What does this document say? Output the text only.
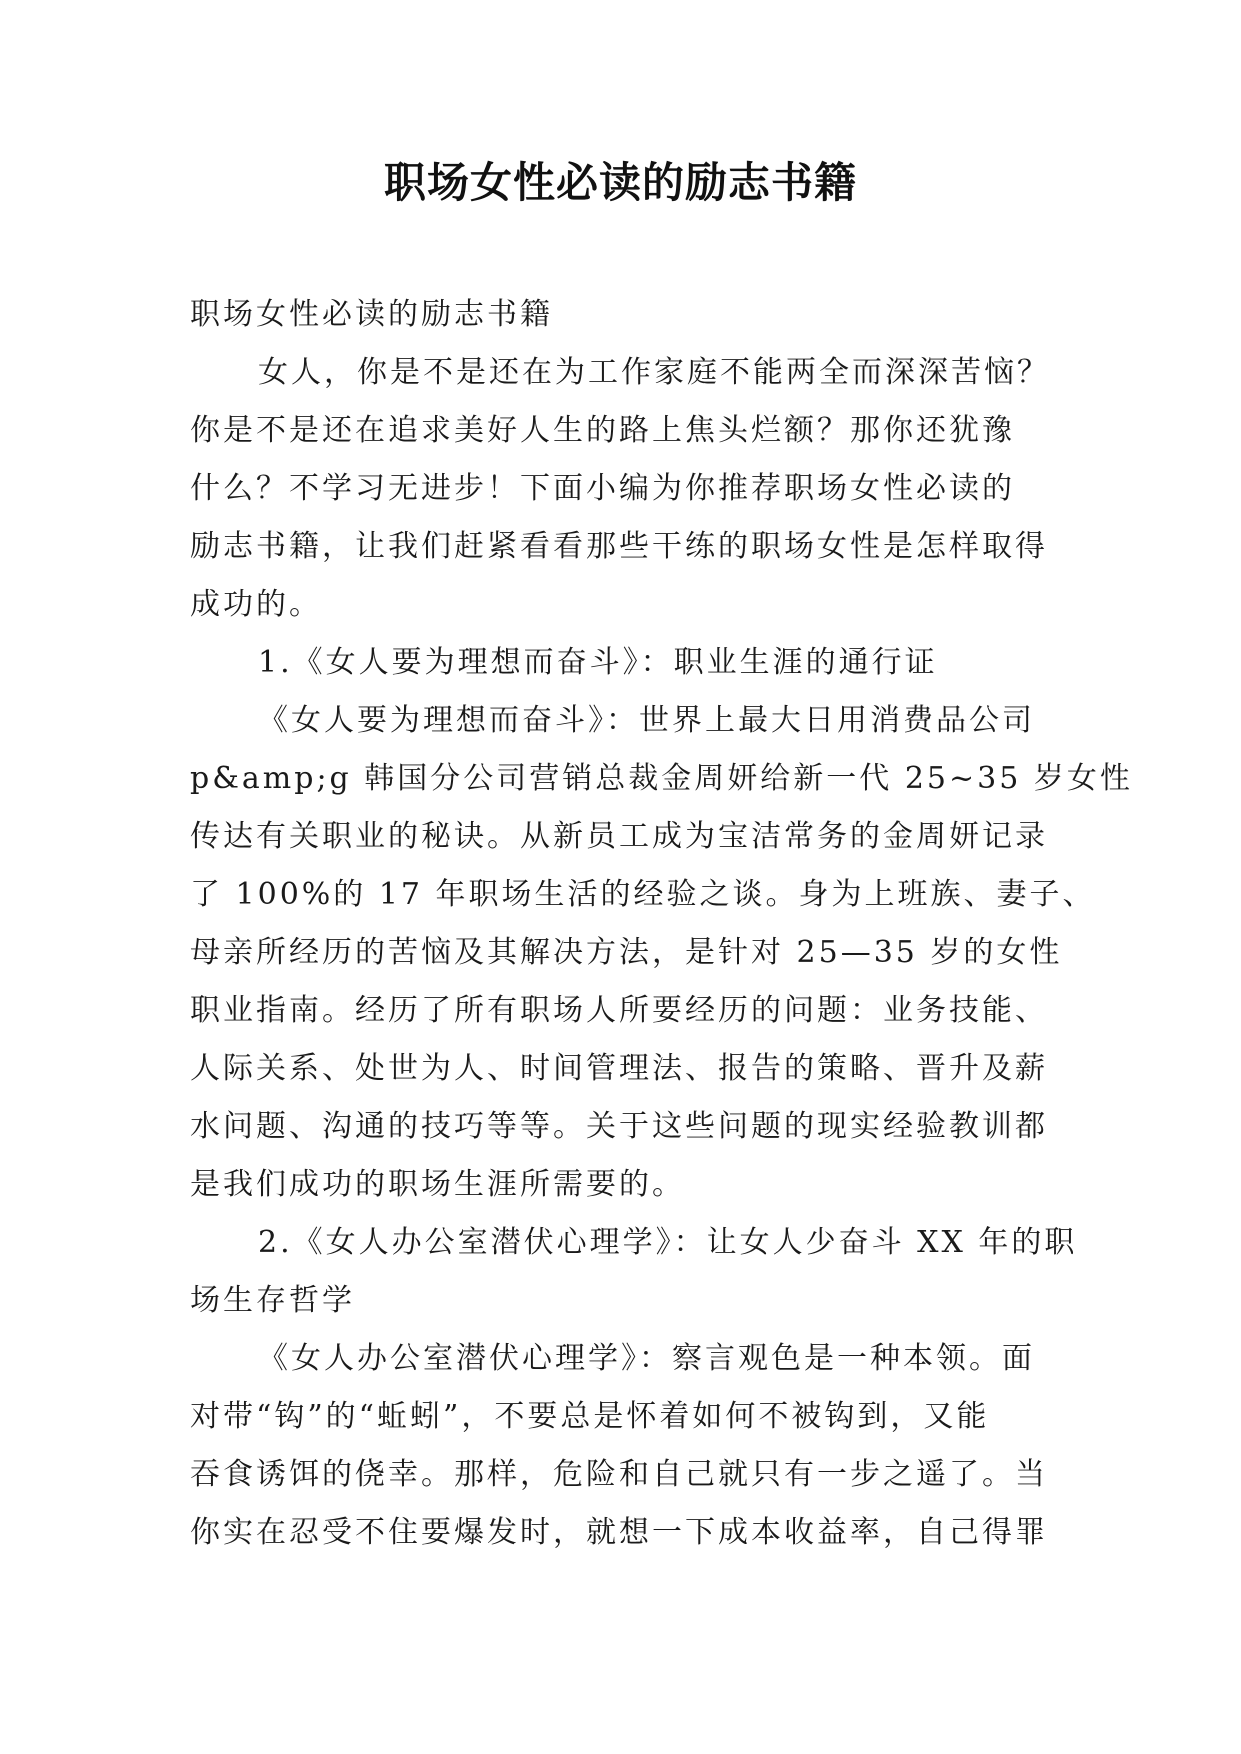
职场女性必读的励志书籍
职场女性必读的励志书籍
女人，你是不是还在为工作家庭不能两全而深深苦恼？
你是不是还在追求美好人生的路上焦头烂额？那你还犹豫
什么？不学习无进步！下面小编为你推荐职场女性必读的
励志书籍，让我们赶紧看看那些干练的职场女性是怎样取得
成功的。
1.《女人要为理想而奋斗》：职业生涯的通行证
《女人要为理想而奋斗》：世界上最大日用消费品公司
p&amp;g 韩国分公司营销总裁金周妍给新一代 25~35 岁女性
传达有关职业的秘诀。从新员工成为宝洁常务的金周妍记录
了 100%的 17 年职场生活的经验之谈。身为上班族、妻子、
母亲所经历的苦恼及其解决方法，是针对 25—35 岁的女性
职业指南。经历了所有职场人所要经历的问题：业务技能、
人际关系、处世为人、时间管理法、报告的策略、晋升及薪
水问题、沟通的技巧等等。关于这些问题的现实经验教训都
是我们成功的职场生涯所需要的。
2.《女人办公室潜伏心理学》：让女人少奋斗 XX 年的职
场生存哲学
《女人办公室潜伏心理学》：察言观色是一种本领。面
对带“钩”的“蚯蚓”，不要总是怀着如何不被钩到，又能
吞食诱饵的侥幸。那样，危险和自己就只有一步之遥了。当
你实在忍受不住要爆发时，就想一下成本收益率，自己得罪
